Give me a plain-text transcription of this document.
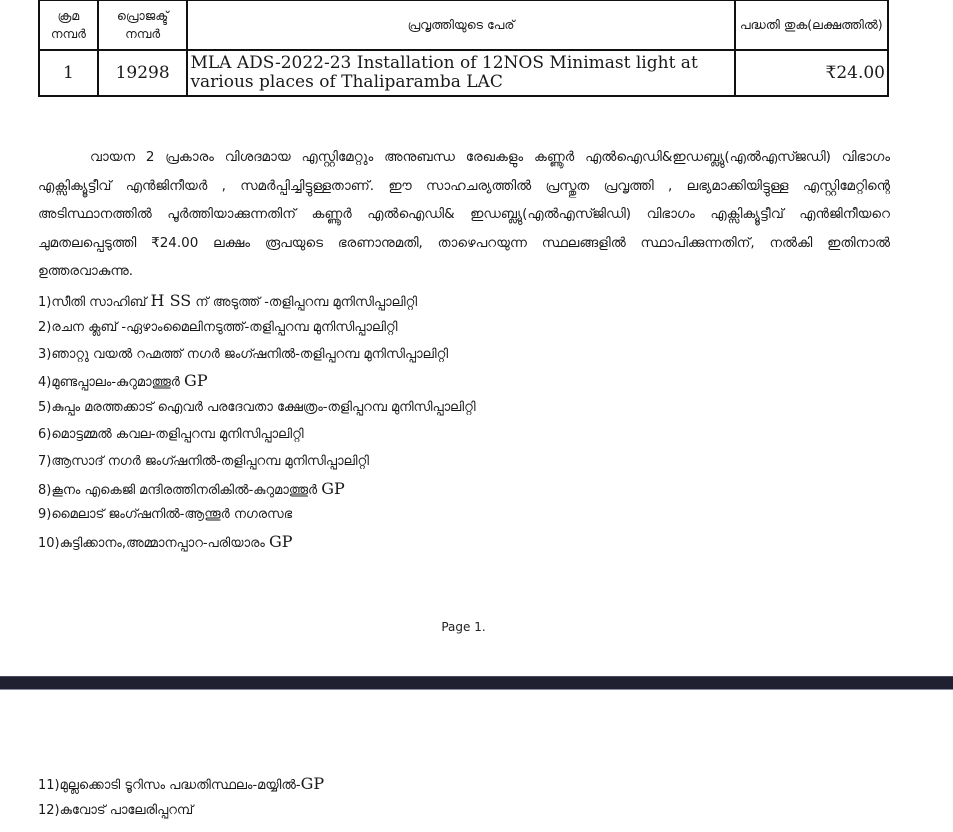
ക്രമ നമ്പർ	പ്രൊജക്ട് നമ്പർ	പ്രവൃത്തിയുടെ പേര്	പദ്ധതി തുക(ലക്ഷത്തിൽ)
1	19298	MLA ADS-2022-23 Installation of 12NOS Minimast light at various places of Thaliparamba LAC	₹24.00

വായന 2 പ്രകാരം വിശദമായ എസ്റ്റിമേറ്റും അനുബന്ധ രേഖകളും കണ്ണൂർ എൽഐഡി&ഇഡബ്ല്യു(എൽഎസ്ജഡി) വിഭാഗം എക്സിക്യൂട്ടീവ് എൻജിനീയർ , സമർപ്പിച്ചിട്ടുള്ളതാണ്. ഈ സാഹചര്യത്തിൽ പ്രസ്തുത പ്രവൃത്തി , ലഭ്യമാക്കിയിട്ടുള്ള എസ്റ്റിമേറ്റിന്റെ അടിസ്ഥാനത്തിൽ പൂർത്തിയാക്കുന്നതിന് കണ്ണൂർ എൽഐഡി& ഇഡബ്ല്യു(എൽഎസ്ജിഡി) വിഭാഗം എക്സിക്യൂട്ടീവ് എൻജിനീയറെ ചുമതലപ്പെടുത്തി ₹24.00 ലക്ഷം രൂപയുടെ ഭരണാനുമതി, താഴെപറയുന്ന സ്ഥലങ്ങളിൽ സ്ഥാപിക്കുന്നതിന്, നൽകി ഇതിനാൽ ഉത്തരവാകുന്നു.

1)സീതി സാഹിബ് H SS ന് അടുത്ത് -തളിപ്പറമ്പ മുനിസിപ്പാലിറ്റി
2)രചന ക്ലബ് -ഏഴാംമൈലിനടുത്ത്-തളിപ്പറമ്പ മുനിസിപ്പാലിറ്റി
3)ഞാറ്റു വയൽ റഹ്മത്ത് നഗർ ജംഗ്ഷനിൽ-തളിപ്പറമ്പ മുനിസിപ്പാലിറ്റി
4)മുണ്ടപ്പാലം-കുറുമാത്തൂർ GP
5)കുപ്പം മരത്തക്കാട് ഐവർ പരദേവതാ ക്ഷേത്രം-തളിപ്പറമ്പ മുനിസിപ്പാലിറ്റി
6)മൊട്ടമ്മൽ കവല-തളിപ്പറമ്പ മുനിസിപ്പാലിറ്റി
7)ആസാദ് നഗർ ജംഗ്ഷനിൽ-തളിപ്പറമ്പ മുനിസിപ്പാലിറ്റി
8)കൂനം എകെജി മന്ദിരത്തിനരികിൽ-കുറുമാത്തൂർ GP
9)മൈലാട് ജംഗ്ഷനിൽ-ആന്തൂർ നഗരസഭ
10)കുട്ടിക്കാനം,അമ്മാനപ്പാറ-പരിയാരം GP
Page 1.
11)മുല്ലക്കൊടി ടൂറിസം പദ്ധതിസ്ഥലം-മയ്യിൽ-GP
12)കുവോട് പാലേരിപ്പറമ്പ്
